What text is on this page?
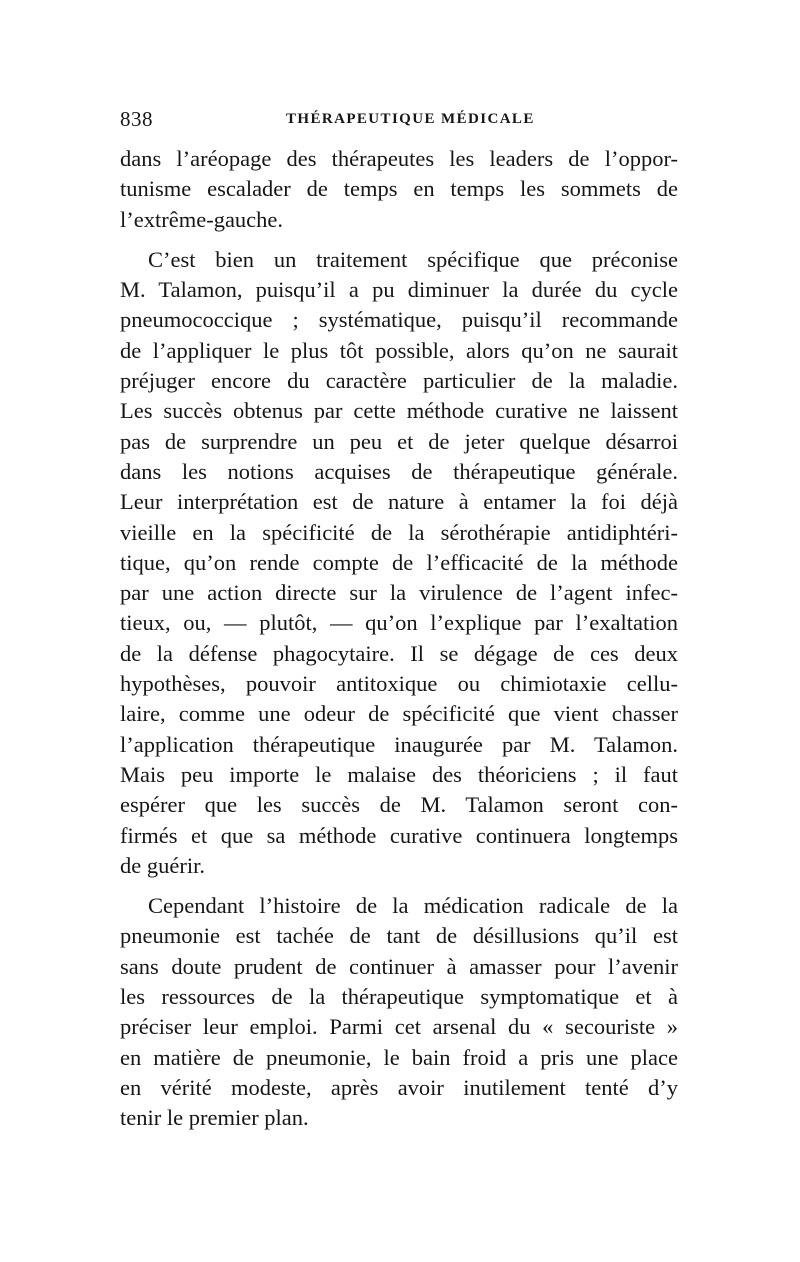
838	THÉRAPEUTIQUE MÉDICALE

dans l’aréopage des thérapeutes les leaders de l’oppor-
tunisme escalader de temps en temps les sommets de
l’extrême-gauche.

C’est bien un traitement spécifique que préconise
M. Talamon, puisqu’il a pu diminuer la durée du cycle
pneumococcique ; systématique, puisqu’il recommande
de l’appliquer le plus tôt possible, alors qu’on ne saurait
préjuger encore du caractère particulier de la maladie.
Les succès obtenus par cette méthode curative ne laissent
pas de surprendre un peu et de jeter quelque désarroi
dans les notions acquises de thérapeutique générale.
Leur interprétation est de nature à entamer la foi déjà
vieille en la spécificité de la sérothérapie antidiphtéri-
tique, qu’on rende compte de l’efficacité de la méthode
par une action directe sur la virulence de l’agent infec-
tieux, ou, — plutôt, — qu’on l’explique par l’exaltation
de la défense phagocytaire. Il se dégage de ces deux
hypothèses, pouvoir antitoxique ou chimiotaxie cellu-
laire, comme une odeur de spécificité que vient chasser
l’application thérapeutique inaugurée par M. Talamon.
Mais peu importe le malaise des théoriciens ; il faut
espérer que les succès de M. Talamon seront con-
firmés et que sa méthode curative continuera longtemps
de guérir.

Cependant l’histoire de la médication radicale de la
pneumonie est tachée de tant de désillusions qu’il est
sans doute prudent de continuer à amasser pour l’avenir
les ressources de la thérapeutique symptomatique et à
préciser leur emploi. Parmi cet arsenal du « secouriste »
en matière de pneumonie, le bain froid a pris une place
en vérité modeste, après avoir inutilement tenté d’y
tenir le premier plan.
